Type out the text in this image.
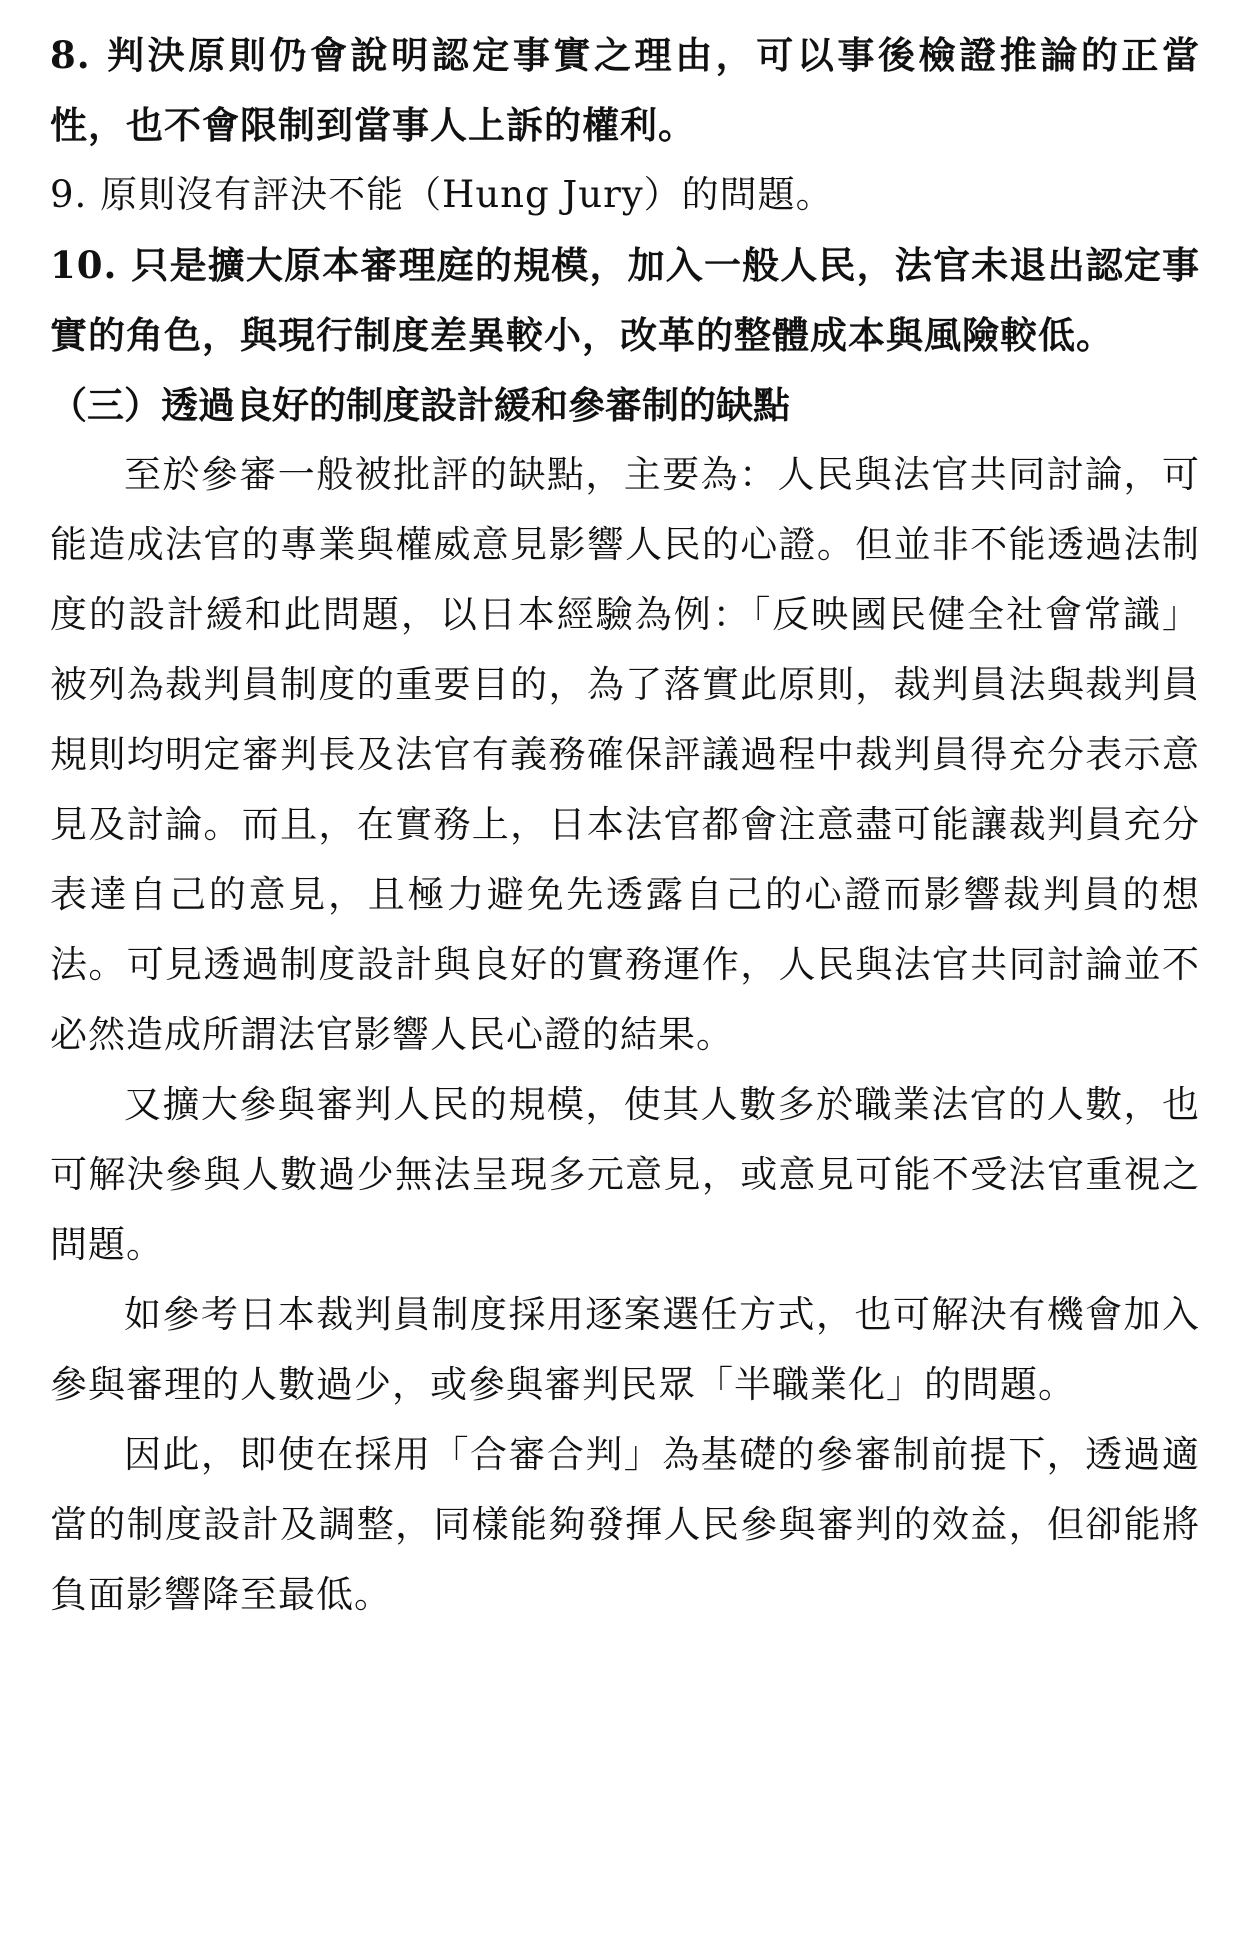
8. 判決原則仍會說明認定事實之理由，可以事後檢證推論的正當性，也不會限制到當事人上訴的權利。

9. 原則沒有評決不能（Hung Jury）的問題。

10. 只是擴大原本審理庭的規模，加入一般人民，法官未退出認定事實的角色，與現行制度差異較小，改革的整體成本與風險較低。

（三）透過良好的制度設計緩和參審制的缺點

至於參審一般被批評的缺點，主要為：人民與法官共同討論，可能造成法官的專業與權威意見影響人民的心證。但並非不能透過法制度的設計緩和此問題，以日本經驗為例：「反映國民健全社會常識」被列為裁判員制度的重要目的，為了落實此原則，裁判員法與裁判員規則均明定審判長及法官有義務確保評議過程中裁判員得充分表示意見及討論。而且，在實務上，日本法官都會注意盡可能讓裁判員充分表達自己的意見，且極力避免先透露自己的心證而影響裁判員的想法。可見透過制度設計與良好的實務運作，人民與法官共同討論並不必然造成所謂法官影響人民心證的結果。

又擴大參與審判人民的規模，使其人數多於職業法官的人數，也可解決參與人數過少無法呈現多元意見，或意見可能不受法官重視之問題。

如參考日本裁判員制度採用逐案選任方式，也可解決有機會加入參與審理的人數過少，或參與審判民眾「半職業化」的問題。

因此，即使在採用「合審合判」為基礎的參審制前提下，透過適當的制度設計及調整，同樣能夠發揮人民參與審判的效益，但卻能將負面影響降至最低。
